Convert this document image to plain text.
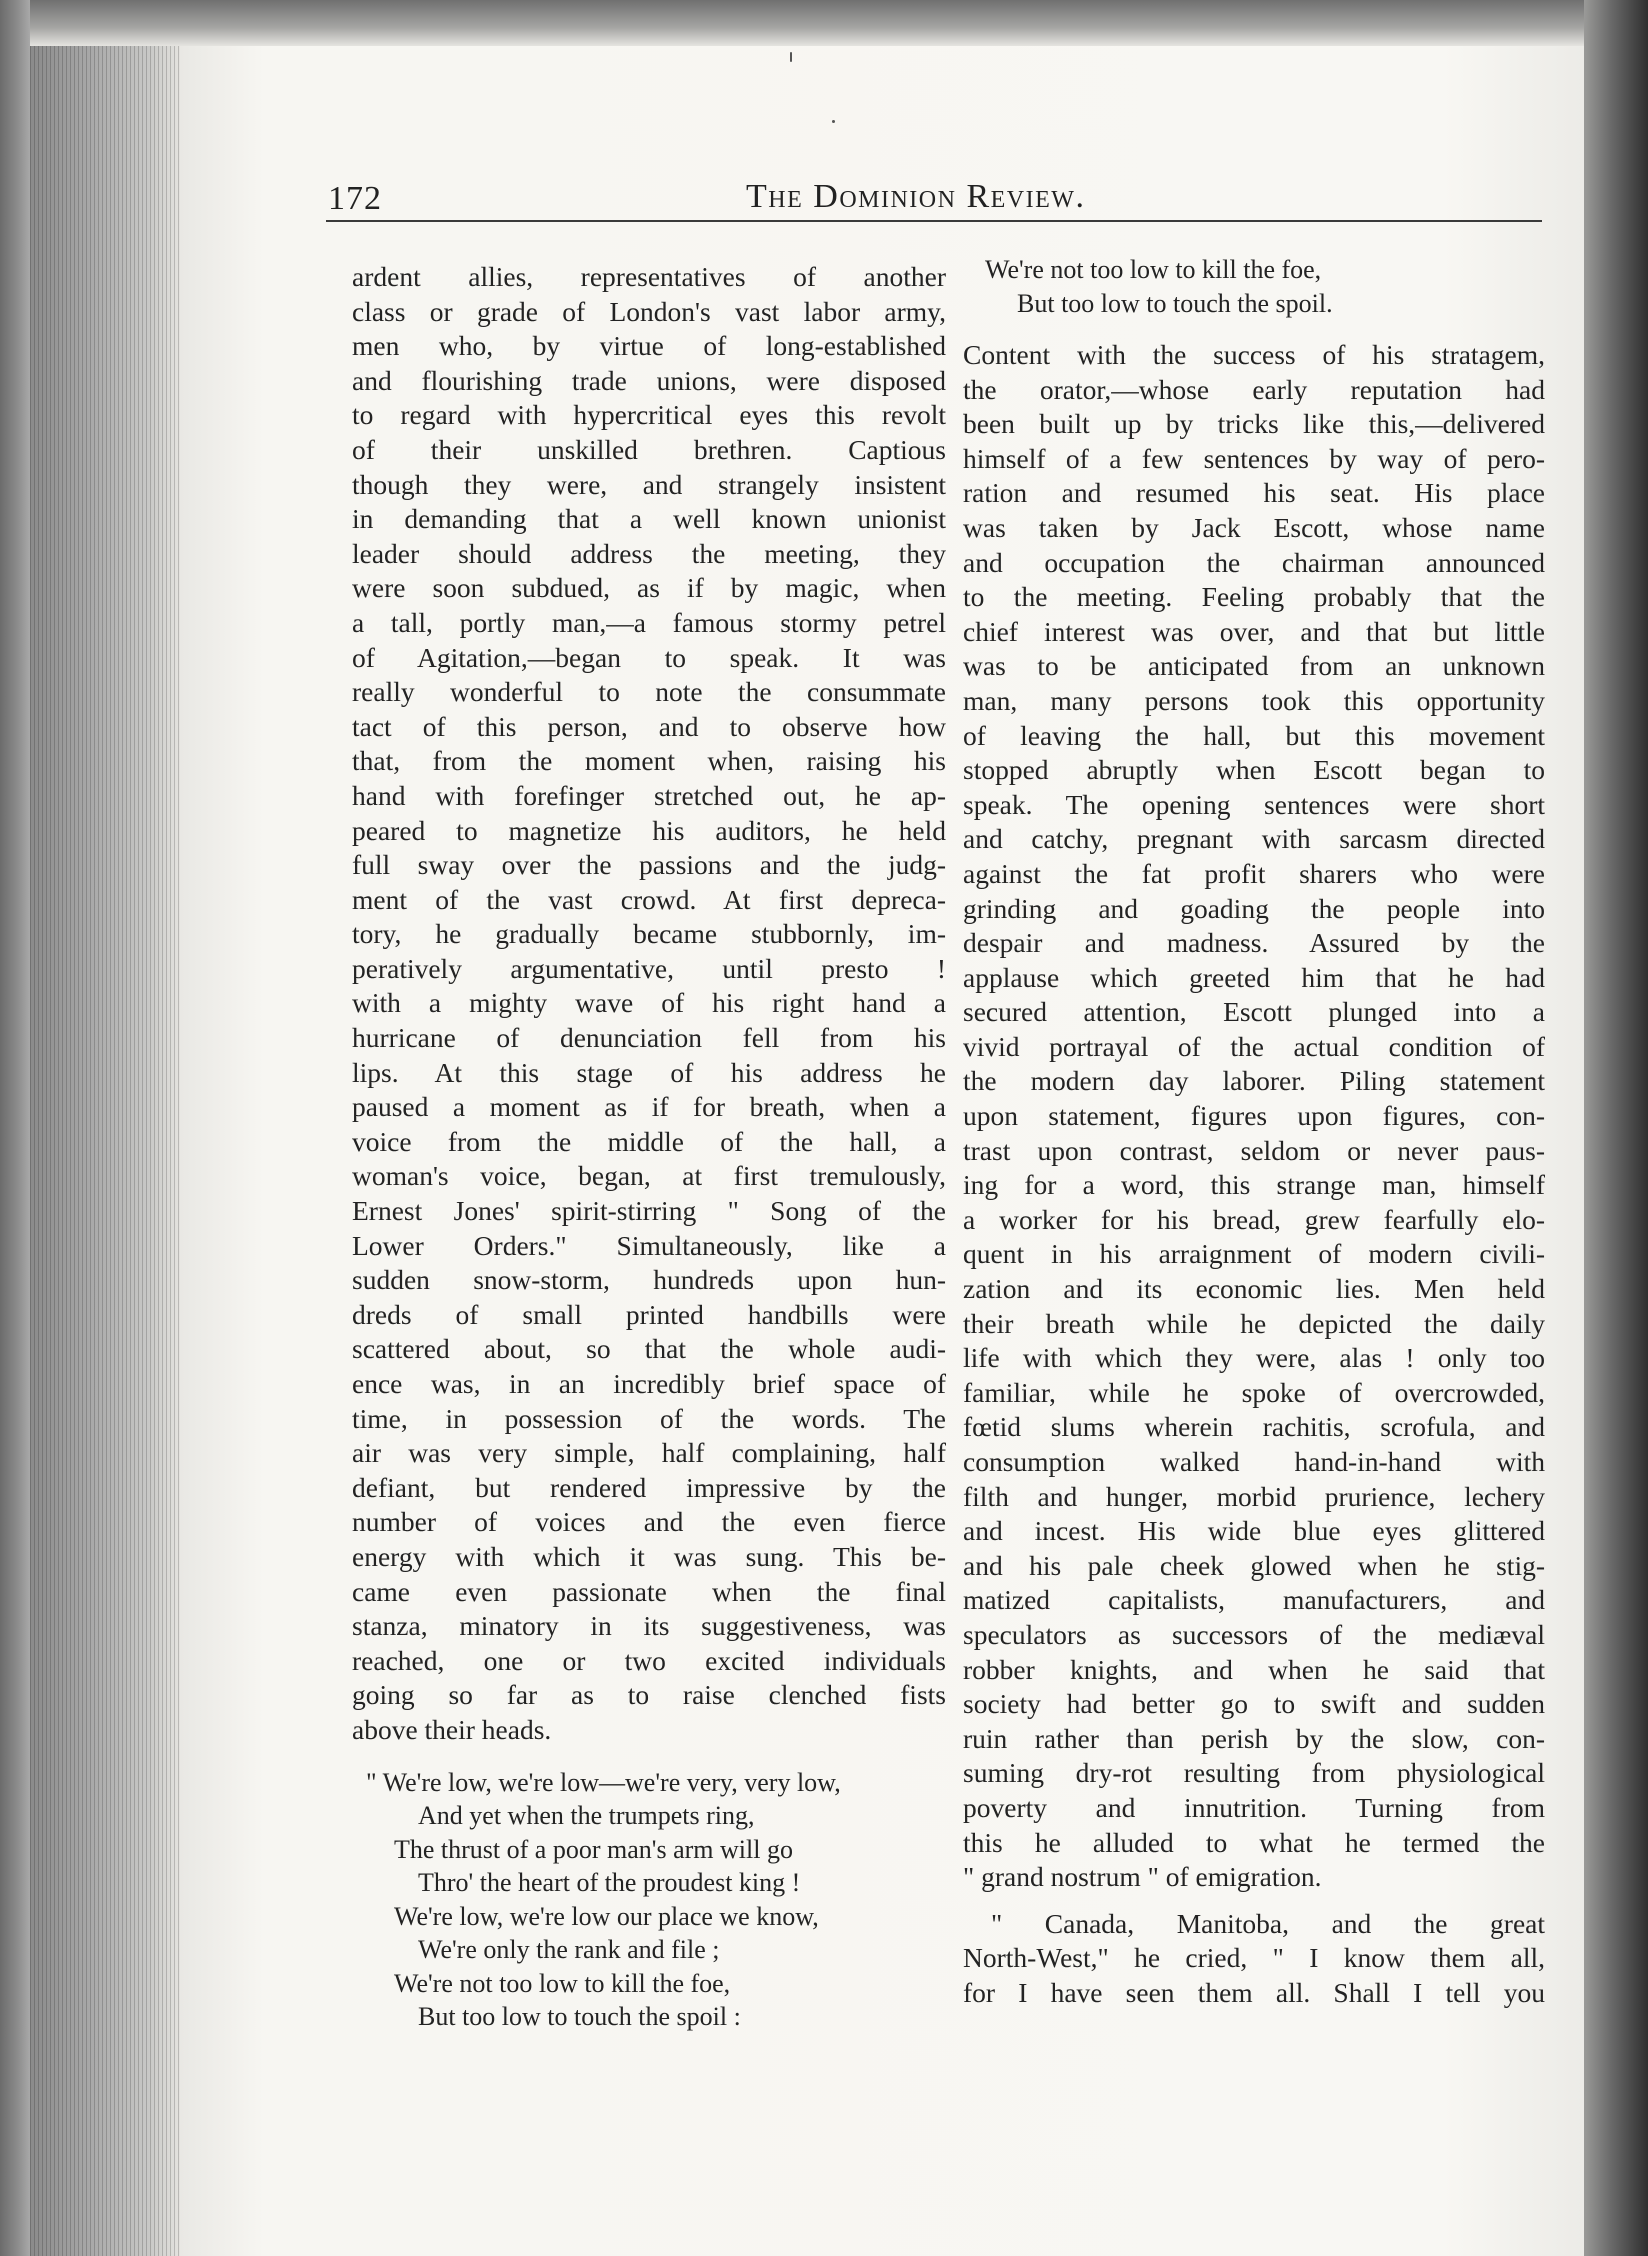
172	The Dominion Review.
ardent allies, representatives of another
class or grade of London's vast labor army,
men who, by virtue of long-established
and flourishing trade unions, were disposed
to regard with hypercritical eyes this revolt
of their unskilled brethren. Captious
though they were, and strangely insistent
in demanding that a well known unionist
leader should address the meeting, they
were soon subdued, as if by magic, when
a tall, portly man,—a famous stormy petrel
of Agitation,—began to speak. It was
really wonderful to note the consummate
tact of this person, and to observe how
that, from the moment when, raising his
hand with forefinger stretched out, he ap-
peared to magnetize his auditors, he held
full sway over the passions and the judg-
ment of the vast crowd. At first depreca-
tory, he gradually became stubbornly, im-
peratively argumentative, until presto !
with a mighty wave of his right hand a
hurricane of denunciation fell from his
lips. At this stage of his address he
paused a moment as if for breath, when a
voice from the middle of the hall, a
woman's voice, began, at first tremulously,
Ernest Jones' spirit-stirring " Song of the
Lower Orders." Simultaneously, like a
sudden snow-storm, hundreds upon hun-
dreds of small printed handbills were
scattered about, so that the whole audi-
ence was, in an incredibly brief space of
time, in possession of the words. The
air was very simple, half complaining, half
defiant, but rendered impressive by the
number of voices and the even fierce
energy with which it was sung. This be-
came even passionate when the final
stanza, minatory in its suggestiveness, was
reached, one or two excited individuals
going so far as to raise clenched fists
above their heads.
" We're low, we're low—we're very, very low,
And yet when the trumpets ring,
The thrust of a poor man's arm will go
Thro' the heart of the proudest king !
We're low, we're low our place we know,
We're only the rank and file ;
We're not too low to kill the foe,
But too low to touch the spoil :
We're not too low to kill the foe,
But too low to touch the spoil.
Content with the success of his stratagem,
the orator,—whose early reputation had
been built up by tricks like this,—delivered
himself of a few sentences by way of pero-
ration and resumed his seat. His place
was taken by Jack Escott, whose name
and occupation the chairman announced
to the meeting. Feeling probably that the
chief interest was over, and that but little
was to be anticipated from an unknown
man, many persons took this opportunity
of leaving the hall, but this movement
stopped abruptly when Escott began to
speak. The opening sentences were short
and catchy, pregnant with sarcasm directed
against the fat profit sharers who were
grinding and goading the people into
despair and madness. Assured by the
applause which greeted him that he had
secured attention, Escott plunged into a
vivid portrayal of the actual condition of
the modern day laborer. Piling statement
upon statement, figures upon figures, con-
trast upon contrast, seldom or never paus-
ing for a word, this strange man, himself
a worker for his bread, grew fearfully elo-
quent in his arraignment of modern civili-
zation and its economic lies. Men held
their breath while he depicted the daily
life with which they were, alas ! only too
familiar, while he spoke of overcrowded,
fœtid slums wherein rachitis, scrofula, and
consumption walked hand-in-hand with
filth and hunger, morbid prurience, lechery
and incest. His wide blue eyes glittered
and his pale cheek glowed when he stig-
matized capitalists, manufacturers, and
speculators as successors of the mediæval
robber knights, and when he said that
society had better go to swift and sudden
ruin rather than perish by the slow, con-
suming dry-rot resulting from physiological
poverty and innutrition. Turning from
this he alluded to what he termed the
" grand nostrum " of emigration.
" Canada, Manitoba, and the great
North-West," he cried, " I know them all,
for I have seen them all. Shall I tell you
